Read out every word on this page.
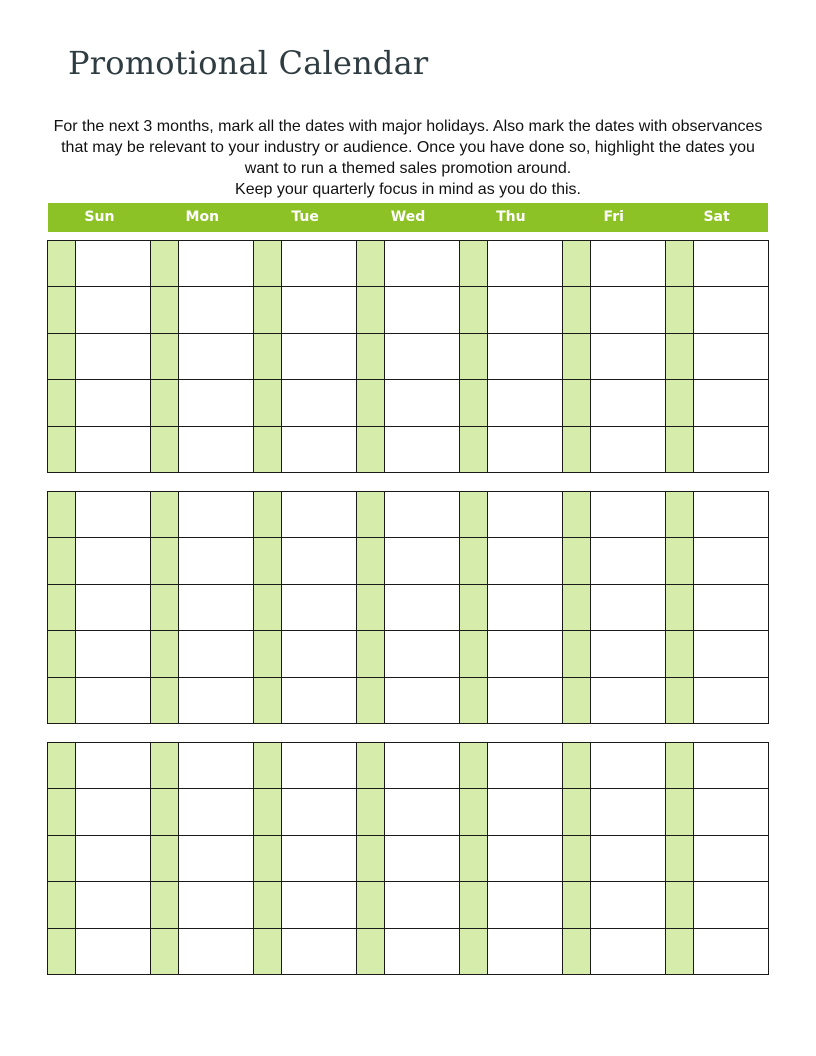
Promotional Calendar

For the next 3 months, mark all the dates with major holidays. Also mark the dates with observances that may be relevant to your industry or audience. Once you have done so, highlight the dates you want to run a themed sales promotion around.

Keep your quarterly focus in mind as you do this.

Sun	Mon	Tue	Wed	Thu	Fri	Sat
